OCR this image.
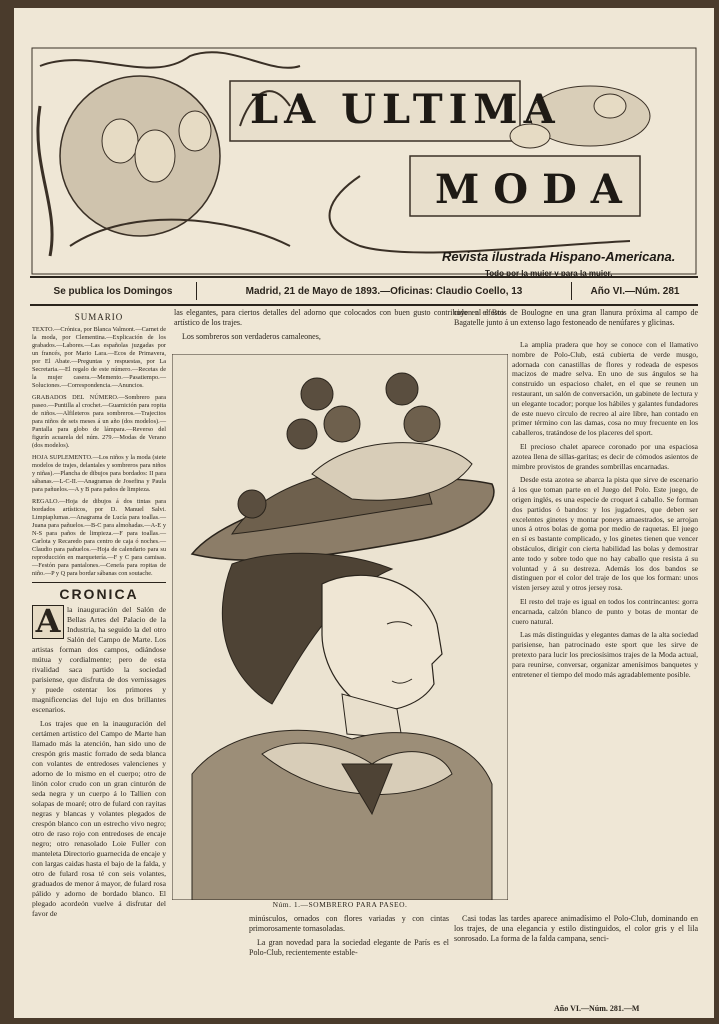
LA ULTIMA
MODA
Revista ilustrada Hispano-Americana.
Todo por la mujer y para la mujer.
Se publica los Domingos	Madrid, 21 de Mayo de 1893.—Oficinas: Claudio Coello, 13	Año VI.—Núm. 281
SUMARIO

TEXTO.—Crónica, por Blanca Valmont.—Carnet de la moda, por Clementina.—Explicación de los grabados.—Labores.—Las españolas juzgadas por un francés, por Mario Lara.—Ecos de Primavera, por El Abate.—Preguntas y respuestas, por La Secretaria.—El regalo de este número.—Recetas de la mujer casera.—Memento.—Pasatiempo.—Soluciones.—Correspondencia.—Anuncios.

GRABADOS DEL NÚMERO.—Sombrero para paseo.—Puntilla al crochet.—Guarnición para ropita de niños.—Alfileteros para sombreros.—Trajecitos para niños de seis meses á un año (dos modelos).—Pantalla para globo de lámpara.—Reverso del figurín acuarela del núm. 279.—Modas de Verano (dos modelos).

HOJA SUPLEMENTO.—Los niños y la moda (siete modelos de trajes, delantales y sombreros para niños y niñas).—Plancha de dibujos para bordados: II para sábanas.—L-C-II.—Anagramas de Josefina y Paula para pañuelos.—A y B para paños de limpieza.

REGALO.—Hoja de dibujos á dos tintas para bordados artísticos, por D. Manuel Salvi. Limpiaplumas.—Anagrama de Lucía para toallas.—Juana para pañuelos.—B-C para almohadas.—A-E y N-S para paños de limpieza.—F para toallas.—Carlota y Recaredo para centro de caja ó noches.—Claudio para pañuelos.—Hoja de calendario para su reproducción en marquetería.—F y C para camisas.—Festón para pantalones.—Cenefa para ropitas de niño.—P y Q para bordar sábanas con soutache.

CRONICA

A la inauguración del Salón de Bellas Artes del Palacio de la Industria, ha seguido la del otro Salón del Campo de Marte. Los artistas forman dos campos, odiándose mútua y cordialmente; pero de esta rivalidad saca partido la sociedad parisiense, que disfruta de dos vernissages y puede ostentar los primores y magnificencias del lujo en dos brillantes escenarios.

Los trajes que en la inauguración del certámen artístico del Campo de Marte han llamado más la atención, han sido uno de crespón gris mastic forrado de seda blanca con volantes de entredoses valencienes y adorno de lo mismo en el cuerpo; otro de linón color crudo con un gran cinturón de seda negra y un cuerpo á lo Tallien con solapas de moaré; otro de fulard con rayitas negras y blancas y volantes plegados de crespón blanco con un estrecho vivo negro; otro de raso rojo con entredoses de encaje negro; otro renasolado Loie Fuller con manteleta Directorio guarnecida de encaje y con largas caidas hasta el bajo de la falda, y otro de fulard rosa té con seis volantes, graduados de menor á mayor, de fulard rosa pálido y adorno de bordado blanco. El plegado acordeón vuelve á disfrutar del favor de

las elegantes, para ciertos detalles del adorno que colocados con buen gusto contribuyen al efecto artístico de los trajes.

Los sombreros son verdaderos camaleones,

Núm. 1.—SOMBRERO PARA PASEO.

minúsculos, ornados con flores variadas y con cintas primorosamente tornasoladas.

La gran novedad para la sociedad elegante de París es el Polo-Club, recientemente estable-

cido en el Bois de Boulogne en una gran llanura próxima al campo de Bagatelle junto á un extenso lago festoneado de nenúfares y glicinas.

La amplia pradera que hoy se conoce con el llamativo nombre de Polo-Club, está cubierta de verde musgo, adornada con canastillas de flores y rodeada de espesos macizos de madre selva. En uno de sus ángulos se ha construido un espacioso chalet, en el que se reunen un restaurant, un salón de conversación, un gabinete de lectura y un elegante tocador; porque los hábiles y galantes fundadores de este nuevo círculo de recreo al aire libre, han contado en primer término con las damas, cosa no muy frecuente en los caballeros, tratándose de los placeres del sport.

El precioso chalet aparece coronado por una espaciosa azotea llena de sillas-garitas; es decir de cómodos asientos de mimbre provistos de grandes sombrillas encarnadas.

Desde esta azotea se abarca la pista que sirve de escenario á los que toman parte en el Juego del Polo. Este juego, de origen inglés, es una especie de croquet á caballo. Se forman dos partidos ó bandos: y los jugadores, que deben ser excelentes ginetes y montar poneys amaestrados, se arrojan unos á otros bolas de goma por medio de raquetas. El juego en sí es bastante complicado, y los ginetes tienen que vencer obstáculos, dirigir con cierta habilidad las bolas y demostrar ante todo y sobre todo que no hay caballo que resista á su voluntad y á su destreza. Además los dos bandos se distinguen por el color del traje de los que los forman: unos visten jersey azul y otros jersey rosa.

El resto del traje es igual en todos los contrincantes: gorra encarnada, calzón blanco de punto y botas de montar de cuero natural.

Las más distinguidas y elegantes damas de la alta sociedad parisiense, han patrocinado este sport que les sirve de pretexto para lucir los preciosísimos trajes de la Moda actual, para reunirse, conversar, organizar amenísimos banquetes y entretener el tiempo del modo más agradablemente posible.

Casi todas las tardes aparece animadísimo el Polo-Club, dominando en los trajes, de una elegancia y estilo distinguidos, el color gris y el lila sonrosado. La forma de la falda campana, senci-

Año VI.—Núm. 281.—M
